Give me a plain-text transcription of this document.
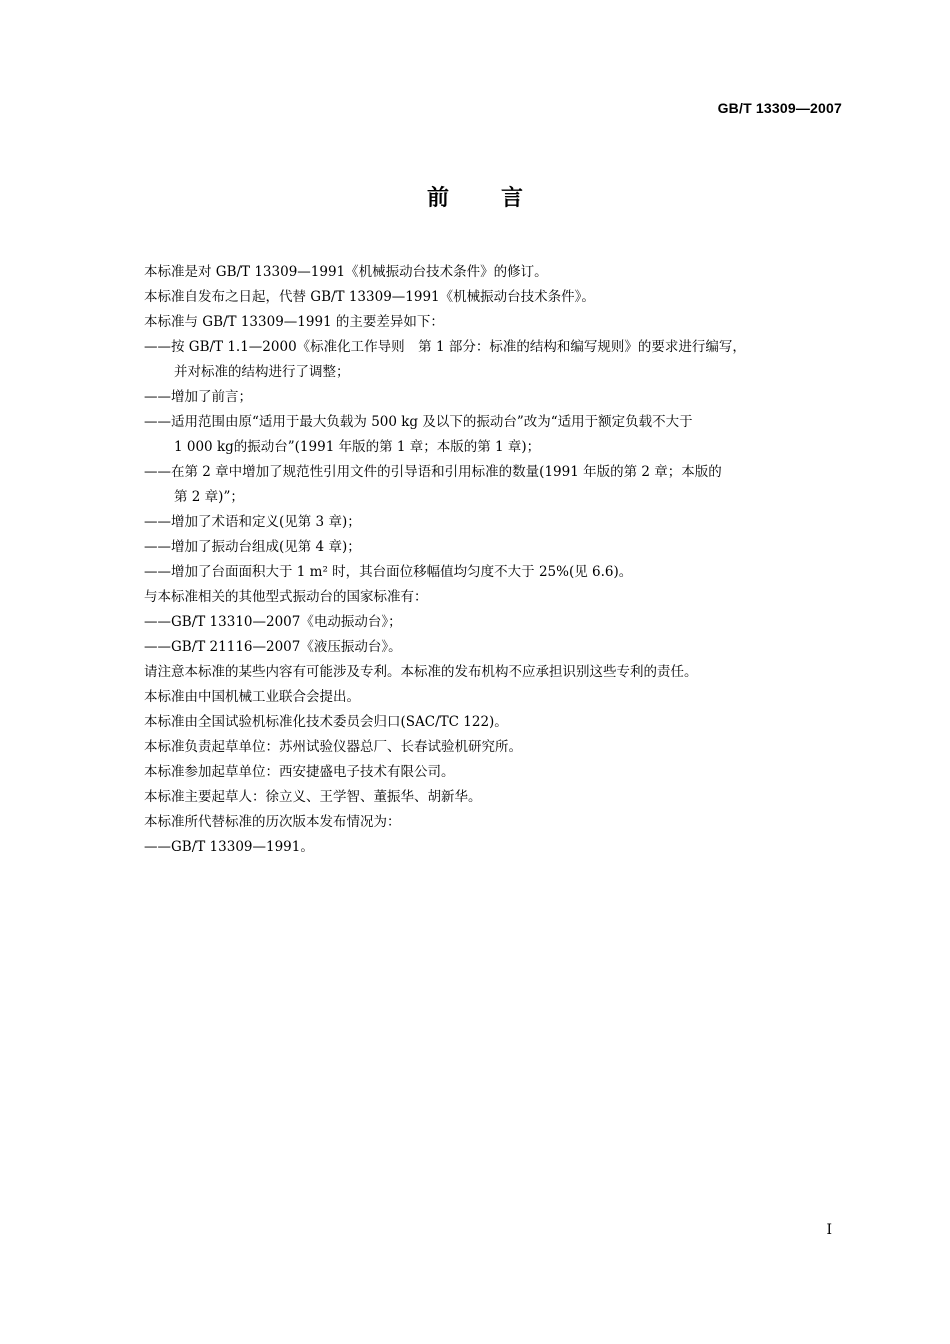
GB/T 13309—2007
前言

本标准是对 GB/T 13309—1991《机械振动台技术条件》的修订。

本标准自发布之日起，代替 GB/T 13309—1991《机械振动台技术条件》。

本标准与 GB/T 13309—1991 的主要差异如下：

——按 GB/T 1.1—2000《标准化工作导则　第 1 部分：标准的结构和编写规则》的要求进行编写，

并对标准的结构进行了调整；

——增加了前言；

——适用范围由原“适用于最大负载为 500 kg 及以下的振动台”改为“适用于额定负载不大于

1 000 kg的振动台”(1991 年版的第 1 章；本版的第 1 章)；

——在第 2 章中增加了规范性引用文件的引导语和引用标准的数量(1991 年版的第 2 章；本版的

第 2 章)”；

——增加了术语和定义(见第 3 章)；

——增加了振动台组成(见第 4 章)；

——增加了台面面积大于 1 m² 时，其台面位移幅值均匀度不大于 25%(见 6.6)。

与本标准相关的其他型式振动台的国家标准有：

——GB/T 13310—2007《电动振动台》；

——GB/T 21116—2007《液压振动台》。

请注意本标准的某些内容有可能涉及专利。本标准的发布机构不应承担识别这些专利的责任。

本标准由中国机械工业联合会提出。

本标准由全国试验机标准化技术委员会归口(SAC/TC 122)。

本标准负责起草单位：苏州试验仪器总厂、长春试验机研究所。

本标准参加起草单位：西安捷盛电子技术有限公司。

本标准主要起草人：徐立义、王学智、董振华、胡新华。

本标准所代替标准的历次版本发布情况为：

——GB/T 13309—1991。

I
